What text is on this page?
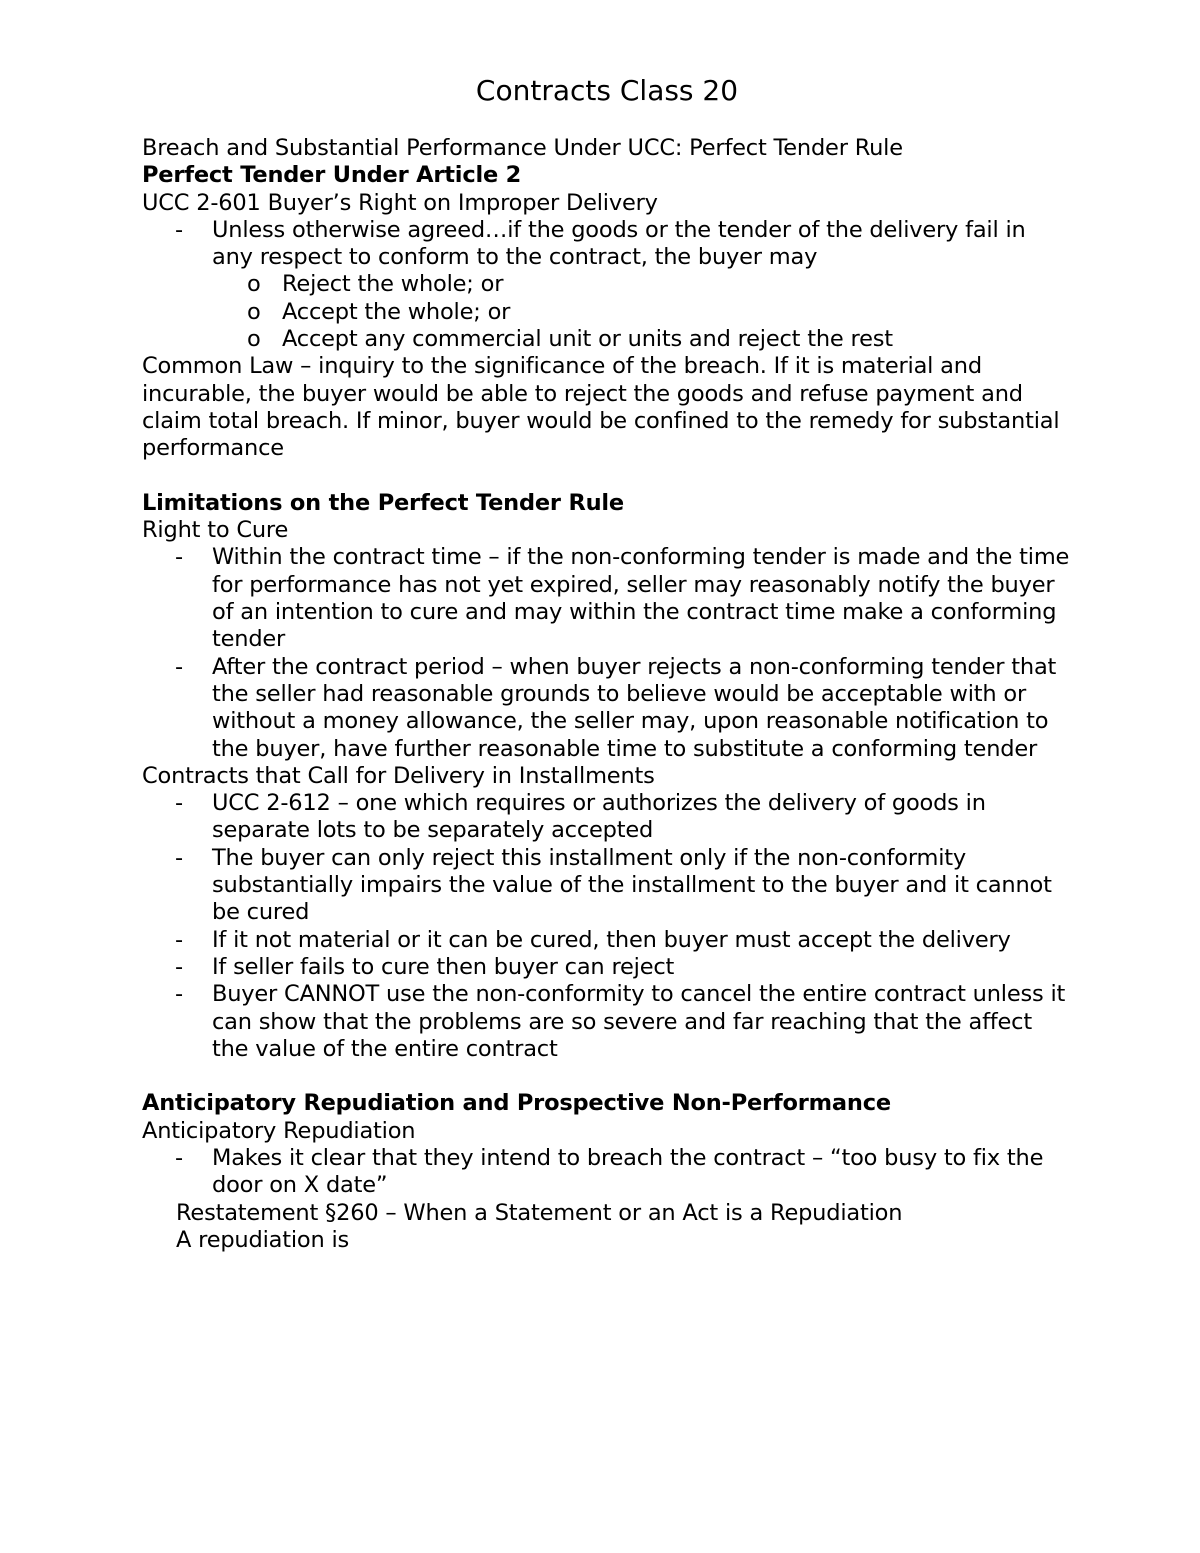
Contracts Class 20

Breach and Substantial Performance Under UCC: Perfect Tender Rule

Perfect Tender Under Article 2

UCC 2-601 Buyer’s Right on Improper Delivery

- Unless otherwise agreed…if the goods or the tender of the delivery fail in any respect to conform to the contract, the buyer may
o Reject the whole; or
o Accept the whole; or
o Accept any commercial unit or units and reject the rest

Common Law – inquiry to the significance of the breach. If it is material and incurable, the buyer would be able to reject the goods and refuse payment and claim total breach. If minor, buyer would be confined to the remedy for substantial performance

Limitations on the Perfect Tender Rule

Right to Cure

- Within the contract time – if the non-conforming tender is made and the time for performance has not yet expired, seller may reasonably notify the buyer of an intention to cure and may within the contract time make a conforming tender
- After the contract period – when buyer rejects a non-conforming tender that the seller had reasonable grounds to believe would be acceptable with or without a money allowance, the seller may, upon reasonable notification to the buyer, have further reasonable time to substitute a conforming tender

Contracts that Call for Delivery in Installments

- UCC 2-612 – one which requires or authorizes the delivery of goods in separate lots to be separately accepted
- The buyer can only reject this installment only if the non-conformity substantially impairs the value of the installment to the buyer and it cannot be cured
- If it not material or it can be cured, then buyer must accept the delivery
- If seller fails to cure then buyer can reject
- Buyer CANNOT use the non-conformity to cancel the entire contract unless it can show that the problems are so severe and far reaching that the affect the value of the entire contract

Anticipatory Repudiation and Prospective Non-Performance

Anticipatory Repudiation

- Makes it clear that they intend to breach the contract – “too busy to fix the door on X date”

Restatement §260 – When a Statement or an Act is a Repudiation

A repudiation is
